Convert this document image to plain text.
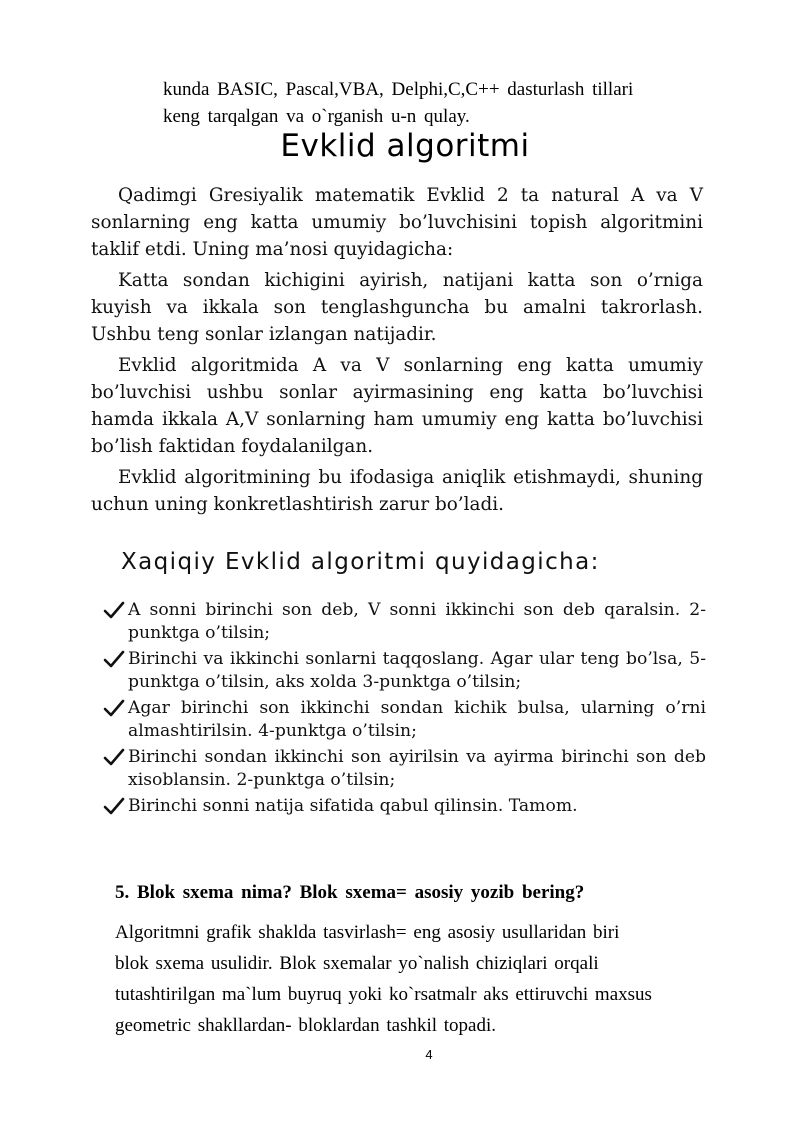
kunda BASIC, Pascal,VBA, Delphi,C,C++ dasturlash tillari

keng tarqalgan va o`rganish u-n qulay.

Evklid algoritmi

Qadimgi Gresiyalik matematik Evklid 2 ta natural A va V sonlarning eng katta umumiy bo’luvchisini topish algoritmini taklif etdi. Uning ma’nosi quyidagicha:

Katta sondan kichigini ayirish, natijani katta son o’rniga kuyish va ikkala son tenglashguncha bu amalni takrorlash. Ushbu teng sonlar izlangan natijadir.

Evklid algoritmida A va V sonlarning eng katta umumiy bo’luvchisi ushbu sonlar ayirmasining eng katta bo’luvchisi hamda ikkala A,V sonlarning ham umumiy eng katta bo’luvchisi bo’lish faktidan foydalanilgan.

Evklid algoritmining bu ifodasiga aniqlik etishmaydi, shuning uchun uning konkretlashtirish zarur bo’ladi.

Xaqiqiy Evklid algoritmi quyidagicha:
A sonni birinchi son deb, V sonni ikkinchi son deb qaralsin. 2-punktga o’tilsin;
Birinchi va ikkinchi sonlarni taqqoslang. Agar ular teng bo’lsa, 5-punktga o’tilsin, aks xolda 3-punktga o’tilsin;
Agar birinchi son ikkinchi sondan kichik bulsa, ularning o’rni almashtirilsin. 4-punktga o’tilsin;
Birinchi sondan ikkinchi son ayirilsin va ayirma birinchi son deb xisoblansin. 2-punktga o’tilsin;
Birinchi sonni natija sifatida qabul qilinsin. Tamom.
5. Blok sxema nima? Blok sxema= asosiy yozib bering?

Algoritmni grafik shaklda tasvirlash= eng asosiy usullaridan biri
blok sxema usulidir. Blok sxemalar yo`nalish chiziqlari orqali
tutashtirilgan ma`lum buyruq yoki ko`rsatmalr aks ettiruvchi maxsus
geometric shakllardan- bloklardan tashkil topadi.

4
